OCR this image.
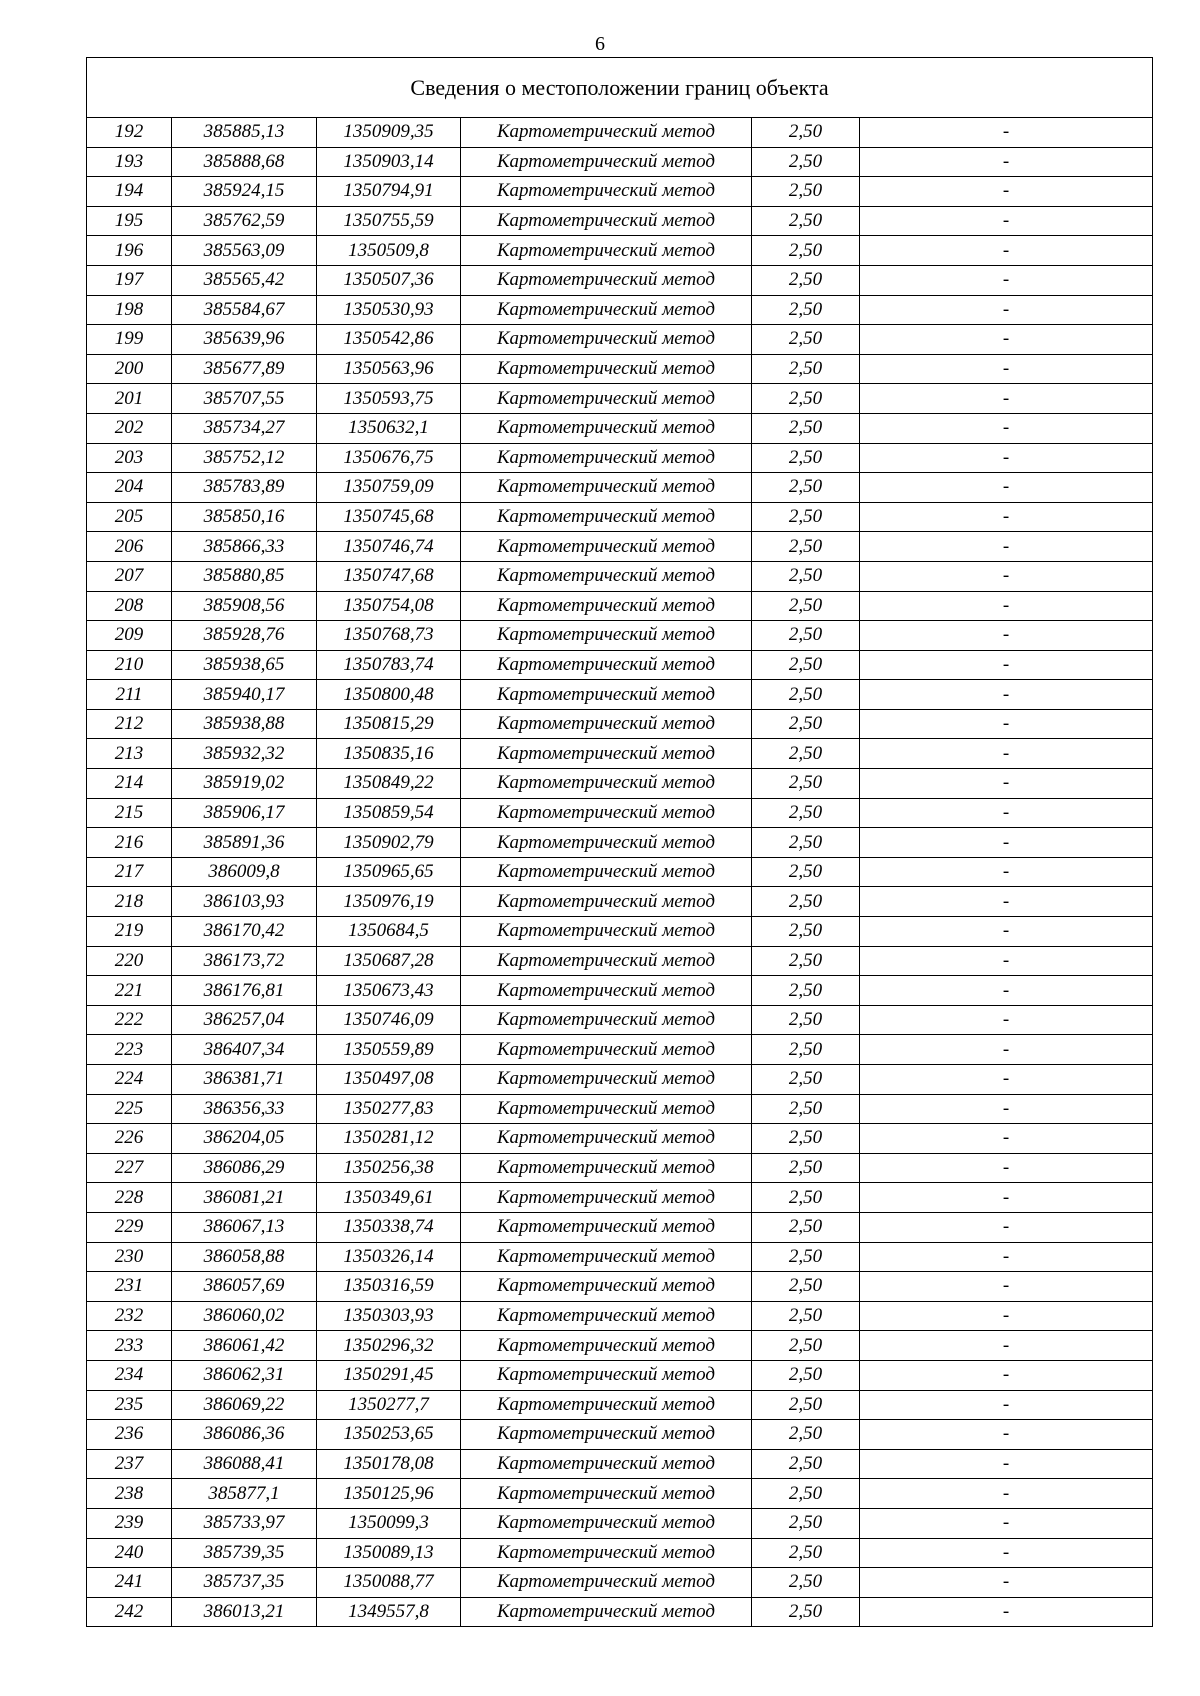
6
Сведения о местоположении границ объекта					
192	385885,13	1350909,35	Картометрический метод	2,50	-
193	385888,68	1350903,14	Картометрический метод	2,50	-
194	385924,15	1350794,91	Картометрический метод	2,50	-
195	385762,59	1350755,59	Картометрический метод	2,50	-
196	385563,09	1350509,8	Картометрический метод	2,50	-
197	385565,42	1350507,36	Картометрический метод	2,50	-
198	385584,67	1350530,93	Картометрический метод	2,50	-
199	385639,96	1350542,86	Картометрический метод	2,50	-
200	385677,89	1350563,96	Картометрический метод	2,50	-
201	385707,55	1350593,75	Картометрический метод	2,50	-
202	385734,27	1350632,1	Картометрический метод	2,50	-
203	385752,12	1350676,75	Картометрический метод	2,50	-
204	385783,89	1350759,09	Картометрический метод	2,50	-
205	385850,16	1350745,68	Картометрический метод	2,50	-
206	385866,33	1350746,74	Картометрический метод	2,50	-
207	385880,85	1350747,68	Картометрический метод	2,50	-
208	385908,56	1350754,08	Картометрический метод	2,50	-
209	385928,76	1350768,73	Картометрический метод	2,50	-
210	385938,65	1350783,74	Картометрический метод	2,50	-
211	385940,17	1350800,48	Картометрический метод	2,50	-
212	385938,88	1350815,29	Картометрический метод	2,50	-
213	385932,32	1350835,16	Картометрический метод	2,50	-
214	385919,02	1350849,22	Картометрический метод	2,50	-
215	385906,17	1350859,54	Картометрический метод	2,50	-
216	385891,36	1350902,79	Картометрический метод	2,50	-
217	386009,8	1350965,65	Картометрический метод	2,50	-
218	386103,93	1350976,19	Картометрический метод	2,50	-
219	386170,42	1350684,5	Картометрический метод	2,50	-
220	386173,72	1350687,28	Картометрический метод	2,50	-
221	386176,81	1350673,43	Картометрический метод	2,50	-
222	386257,04	1350746,09	Картометрический метод	2,50	-
223	386407,34	1350559,89	Картометрический метод	2,50	-
224	386381,71	1350497,08	Картометрический метод	2,50	-
225	386356,33	1350277,83	Картометрический метод	2,50	-
226	386204,05	1350281,12	Картометрический метод	2,50	-
227	386086,29	1350256,38	Картометрический метод	2,50	-
228	386081,21	1350349,61	Картометрический метод	2,50	-
229	386067,13	1350338,74	Картометрический метод	2,50	-
230	386058,88	1350326,14	Картометрический метод	2,50	-
231	386057,69	1350316,59	Картометрический метод	2,50	-
232	386060,02	1350303,93	Картометрический метод	2,50	-
233	386061,42	1350296,32	Картометрический метод	2,50	-
234	386062,31	1350291,45	Картометрический метод	2,50	-
235	386069,22	1350277,7	Картометрический метод	2,50	-
236	386086,36	1350253,65	Картометрический метод	2,50	-
237	386088,41	1350178,08	Картометрический метод	2,50	-
238	385877,1	1350125,96	Картометрический метод	2,50	-
239	385733,97	1350099,3	Картометрический метод	2,50	-
240	385739,35	1350089,13	Картометрический метод	2,50	-
241	385737,35	1350088,77	Картометрический метод	2,50	-
242	386013,21	1349557,8	Картометрический метод	2,50	-
